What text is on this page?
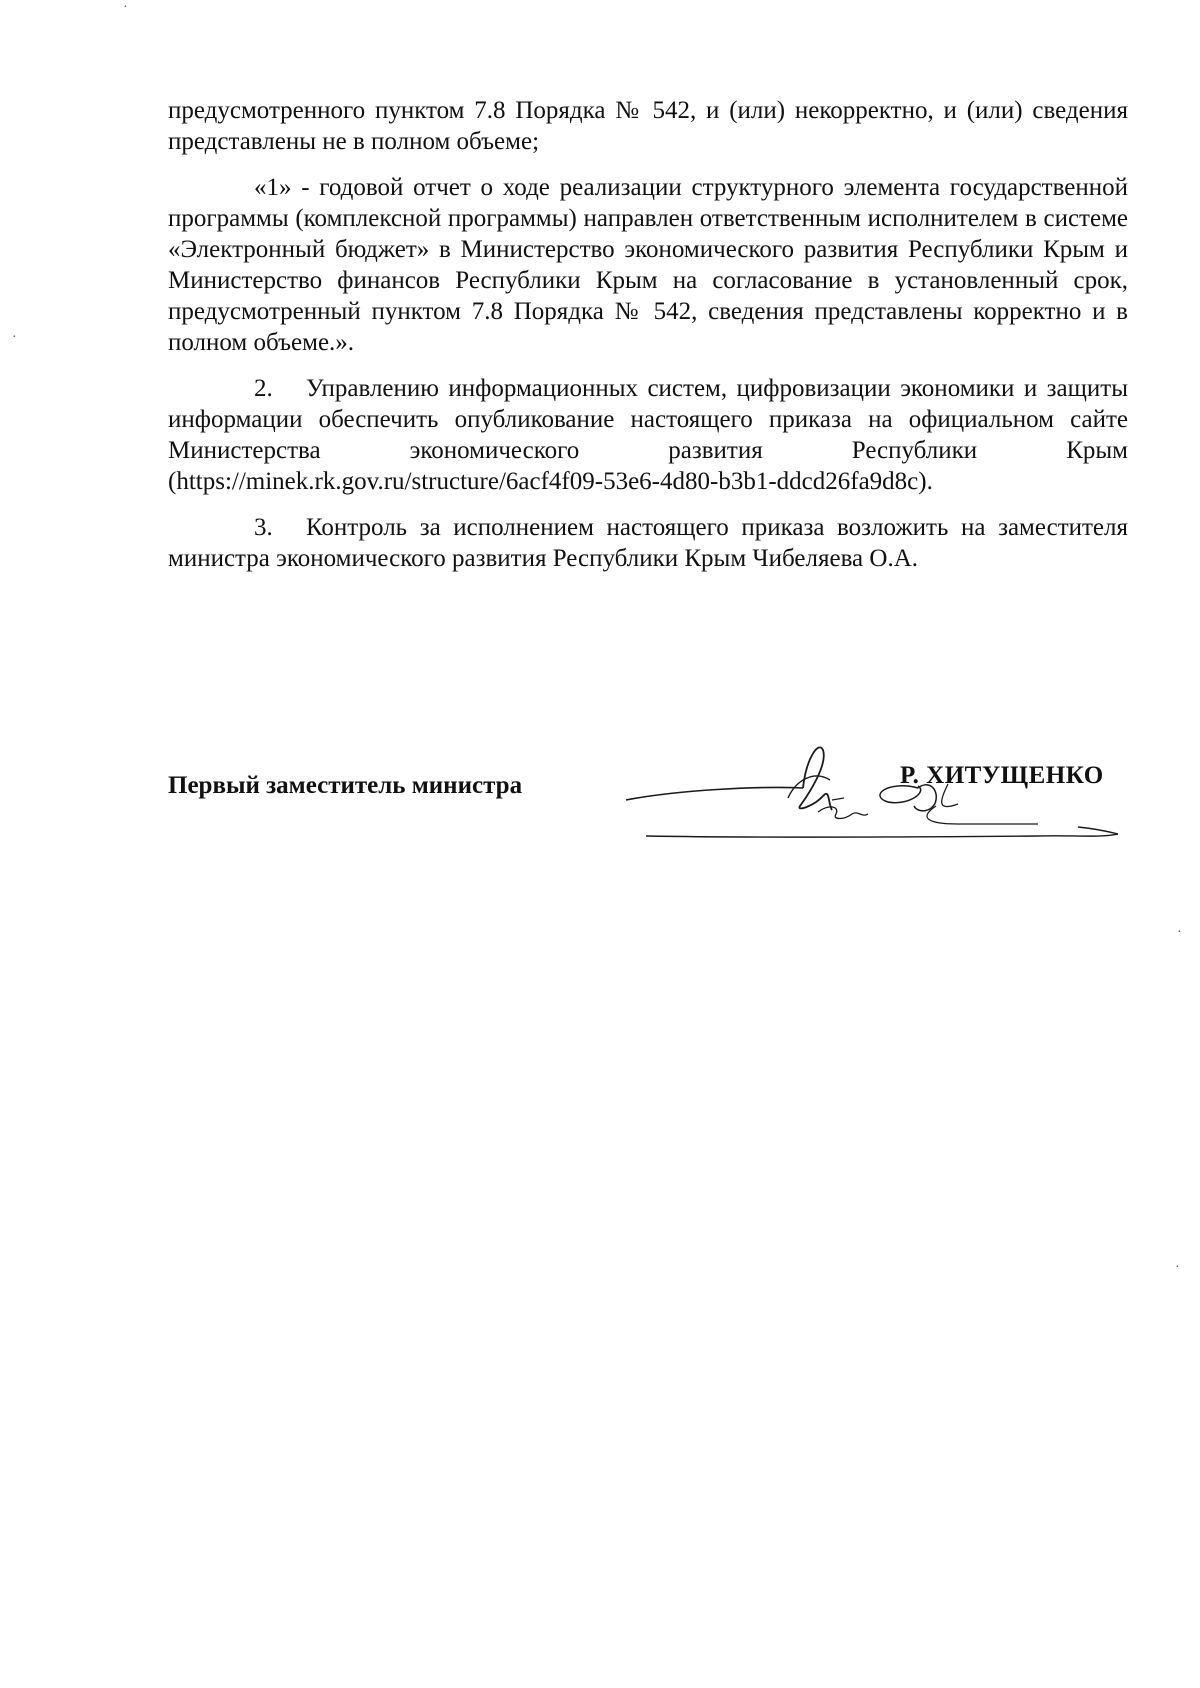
предусмотренного пунктом 7.8 Порядка № 542, и (или) некорректно, и (или) сведения представлены не в полном объеме;

«1» - годовой отчет о ходе реализации структурного элемента государственной программы (комплексной программы) направлен ответственным исполнителем в системе «Электронный бюджет» в Министерство экономического развития Республики Крым и Министерство финансов Республики Крым на согласование в установленный срок, предусмотренный пунктом 7.8 Порядка № 542, сведения представлены корректно и в полном объеме.».

2. Управлению информационных систем, цифровизации экономики и защиты информации обеспечить опубликование настоящего приказа на официальном сайте Министерства экономического развития Республики Крым (https://minek.rk.gov.ru/structure/6acf4f09-53e6-4d80-b3b1-ddcd26fa9d8c).

3. Контроль за исполнением настоящего приказа возложить на заместителя министра экономического развития Республики Крым Чибеляева О.А.

Первый заместитель министра	Р. ХИТУЩЕНКО
·
·
·
·
